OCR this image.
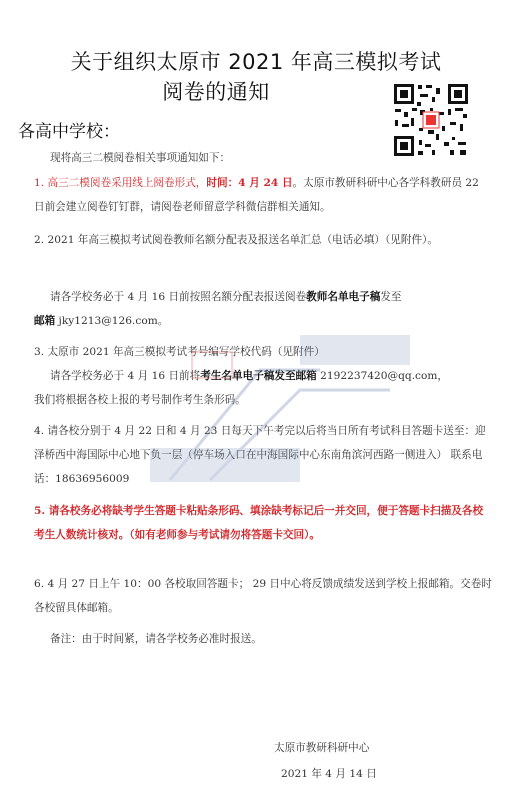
关于组织太原市 2021 年高三模拟考试
阅卷的通知
各高中学校：
现将高三二模阅卷相关事项通知如下：
1. 高三二模阅卷采用线上阅卷形式，时间：4 月 24 日。太原市教研科研中心各学科教研员 22 日前会建立阅卷钉钉群，请阅卷老师留意学科微信群相关通知。
2. 2021 年高三模拟考试阅卷教师名额分配表及报送名单汇总（电话必填）（见附件）。
请各学校务必于 4 月 16 日前按照名额分配表报送阅卷教师名单电子稿发至
邮箱 jky1213@126.com。
3. 太原市 2021 年高三模拟考试考号编写学校代码（见附件）
请各学校务必于 4 月 16 日前将考生名单电子稿发至邮箱 2192237420@qq.com，
我们将根据各校上报的考号制作考生条形码。
4. 请各校分别于 4 月 22 日和 4 月 23 日每天下午考完以后将当日所有考试科目答题卡送至：迎泽桥西中海国际中心地下负一层（停车场入口在中海国际中心东南角滨河西路一侧进入） 联系电话：18636956009
5. 请各校务必将缺考学生答题卡粘贴条形码、填涂缺考标记后一并交回，便于答题卡扫描及各校考生人数统计核对。（如有老师参与考试请勿将答题卡交回）。
6. 4 月 27 日上午 10：00 各校取回答题卡； 29 日中心将反馈成绩发送到学校上报邮箱。交卷时各校留具体邮箱。
备注：由于时间紧，请各学校务必准时报送。
太原市教研科研中心
2021 年 4 月 14 日
